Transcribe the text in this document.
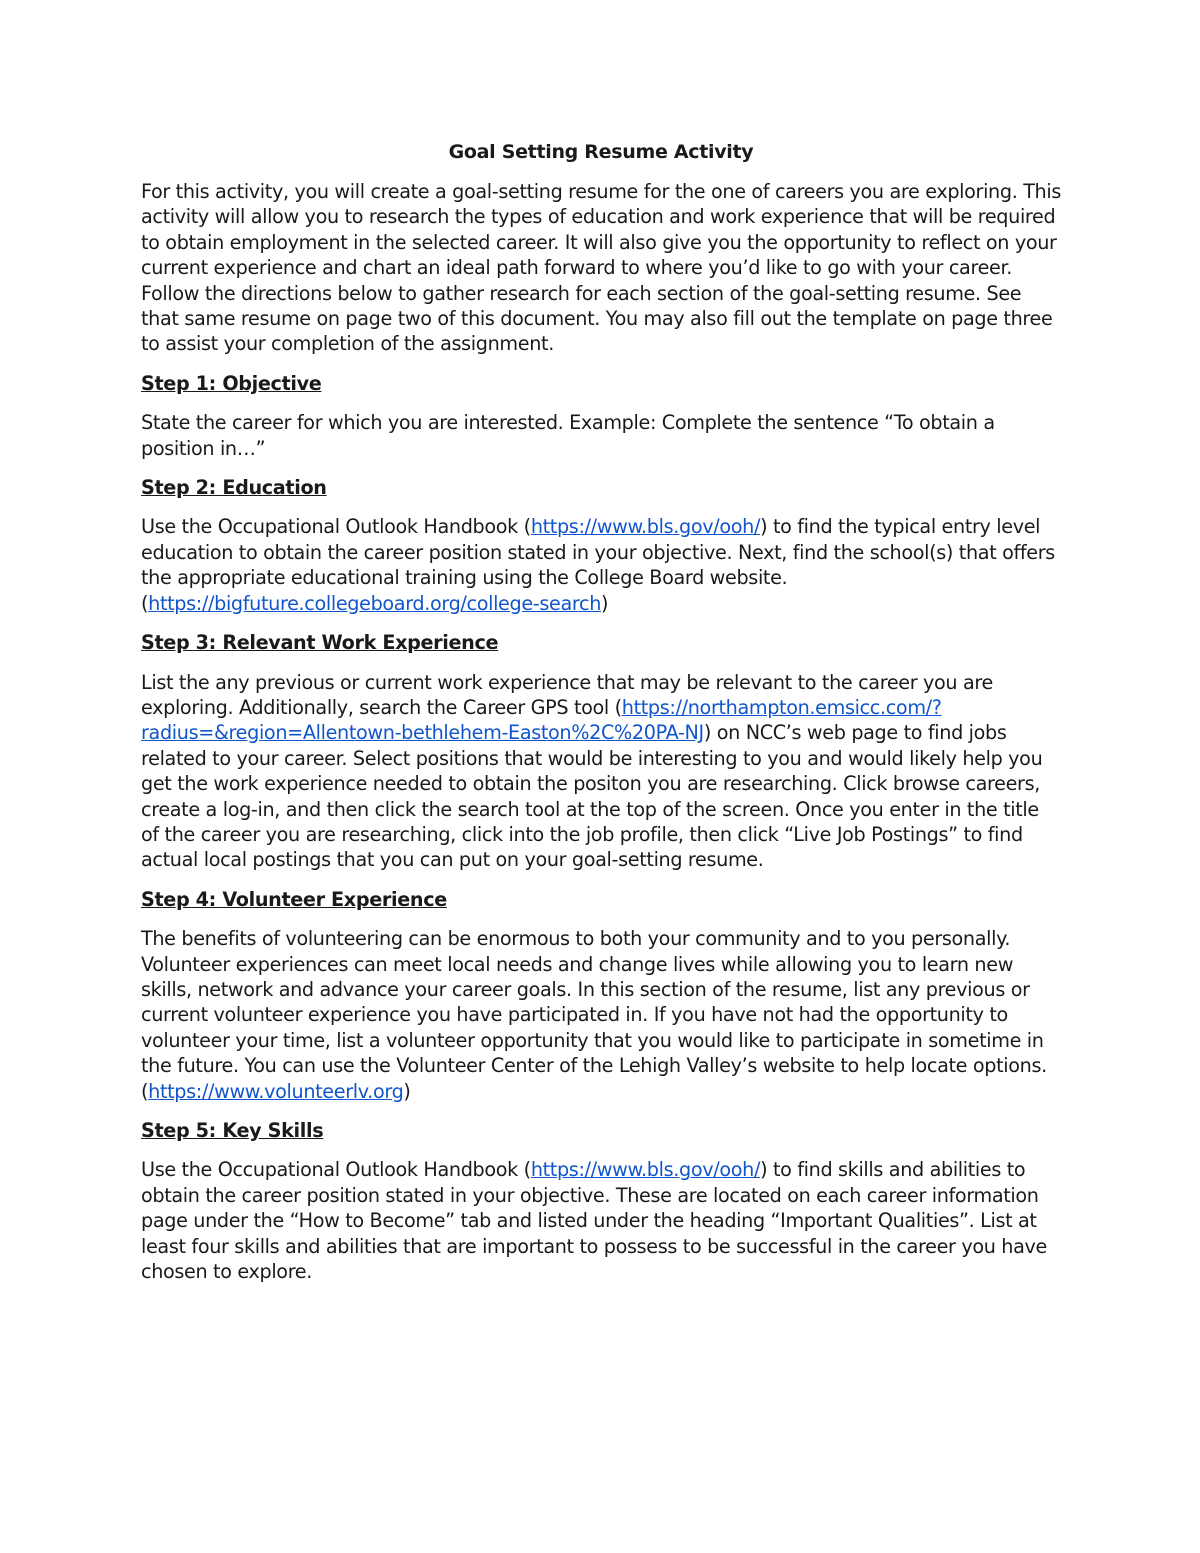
Goal Setting Resume Activity

For this activity, you will create a goal-setting resume for the one of careers you are exploring. This activity will allow you to research the types of education and work experience that will be required to obtain employment in the selected career. It will also give you the opportunity to reflect on your current experience and chart an ideal path forward to where you’d like to go with your career. Follow the directions below to gather research for each section of the goal-setting resume. See that same resume on page two of this document. You may also fill out the template on page three to assist your completion of the assignment.

Step 1: Objective

State the career for which you are interested. Example: Complete the sentence “To obtain a position in…”

Step 2: Education

Use the Occupational Outlook Handbook (https://www.bls.gov/ooh/) to find the typical entry level education to obtain the career position stated in your objective. Next, find the school(s) that offers the appropriate educational training using the College Board website. (https://bigfuture.collegeboard.org/college-search)

Step 3: Relevant Work Experience

List the any previous or current work experience that may be relevant to the career you are exploring. Additionally, search the Career GPS tool (https://northampton.emsicc.com/?radius=&region=Allentown-bethlehem-Easton%2C%20PA-NJ) on NCC’s web page to find jobs related to your career. Select positions that would be interesting to you and would likely help you get the work experience needed to obtain the positon you are researching. Click browse careers, create a log-in, and then click the search tool at the top of the screen. Once you enter in the title of the career you are researching, click into the job profile, then click “Live Job Postings” to find actual local postings that you can put on your goal-setting resume.

Step 4: Volunteer Experience

The benefits of volunteering can be enormous to both your community and to you personally. Volunteer experiences can meet local needs and change lives while allowing you to learn new skills, network and advance your career goals. In this section of the resume, list any previous or current volunteer experience you have participated in. If you have not had the opportunity to volunteer your time, list a volunteer opportunity that you would like to participate in sometime in the future. You can use the Volunteer Center of the Lehigh Valley’s website to help locate options. (https://www.volunteerlv.org)

Step 5: Key Skills

Use the Occupational Outlook Handbook (https://www.bls.gov/ooh/) to find skills and abilities to obtain the career position stated in your objective. These are located on each career information page under the “How to Become” tab and listed under the heading “Important Qualities”. List at least four skills and abilities that are important to possess to be successful in the career you have chosen to explore.
